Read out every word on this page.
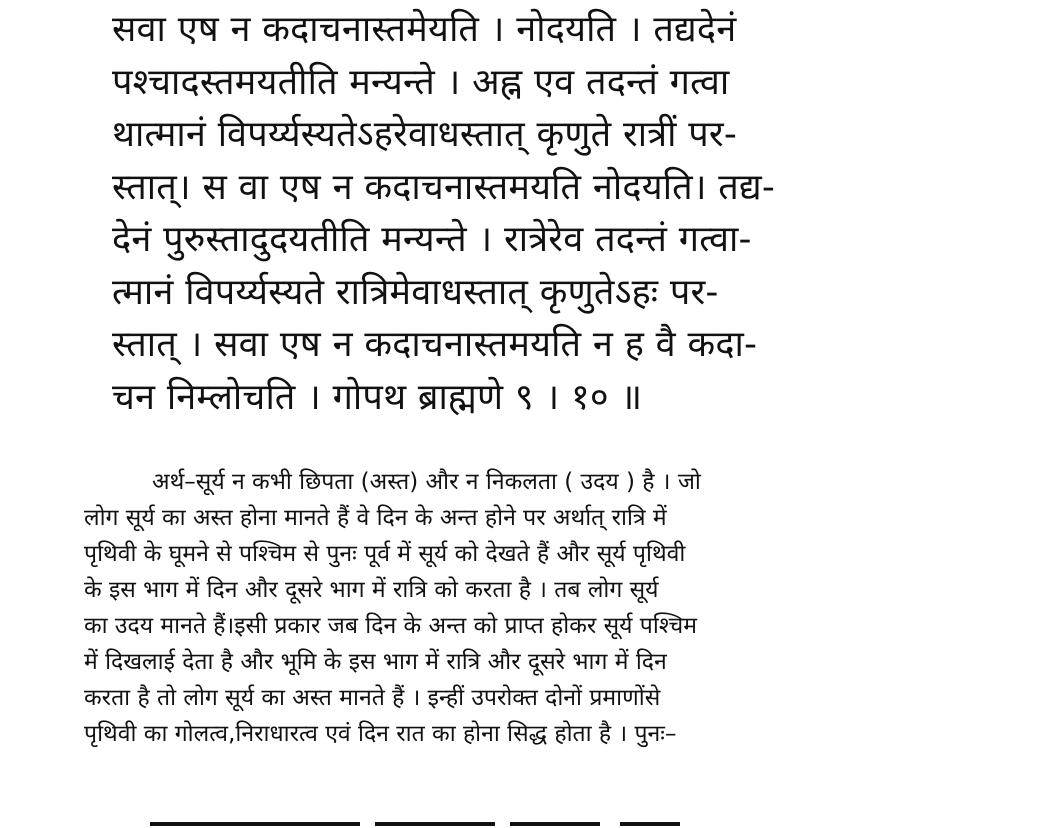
सवा एष न कदाचनास्तमेयति । नोदयति । तद्यदेनं
पश्चादस्तमयतीति मन्यन्ते । अह्न एव तदन्तं गत्वा
थात्मानं विपर्य्यस्यतेऽहरेवाधस्तात् कृणुते रात्रीं पर-
स्तात्। स वा एष न कदाचनास्तमयति नोदयति। तद्य-
देनं पुरुस्तादुदयतीति मन्यन्ते । रात्रेरेव तदन्तं गत्वा-
त्मानं विपर्य्यस्यते रात्रिमेवाधस्तात् कृणुतेऽहः पर-
स्तात् । सवा एष न कदाचनास्तमयति न ह वै कदा-
चन निम्लोचति । गोपथ ब्राह्मणे ९ । १० ॥
अर्थ–सूर्य न कभी छिपता (अस्त) और न निकलता ( उदय ) है । जो
लोग सूर्य का अस्त होना मानते हैं वे दिन के अन्त होने पर अर्थात् रात्रि में
पृथिवी के घूमने से पश्चिम से पुनः पूर्व में सूर्य को देखते हैं और सूर्य पृथिवी
के इस भाग में दिन और दूसरे भाग में रात्रि को करता है । तब लोग सूर्य
का उदय मानते हैं।इसी प्रकार जब दिन के अन्त को प्राप्त होकर सूर्य पश्चिम
में दिखलाई देता है और भूमि के इस भाग में रात्रि और दूसरे भाग में दिन
करता है तो लोग सूर्य का अस्त मानते हैं । इन्हीं उपरोक्त दोनों प्रमाणोंसे
पृथिवी का गोलत्व,निराधारत्व एवं दिन रात का होना सिद्ध होता है । पुनः–
